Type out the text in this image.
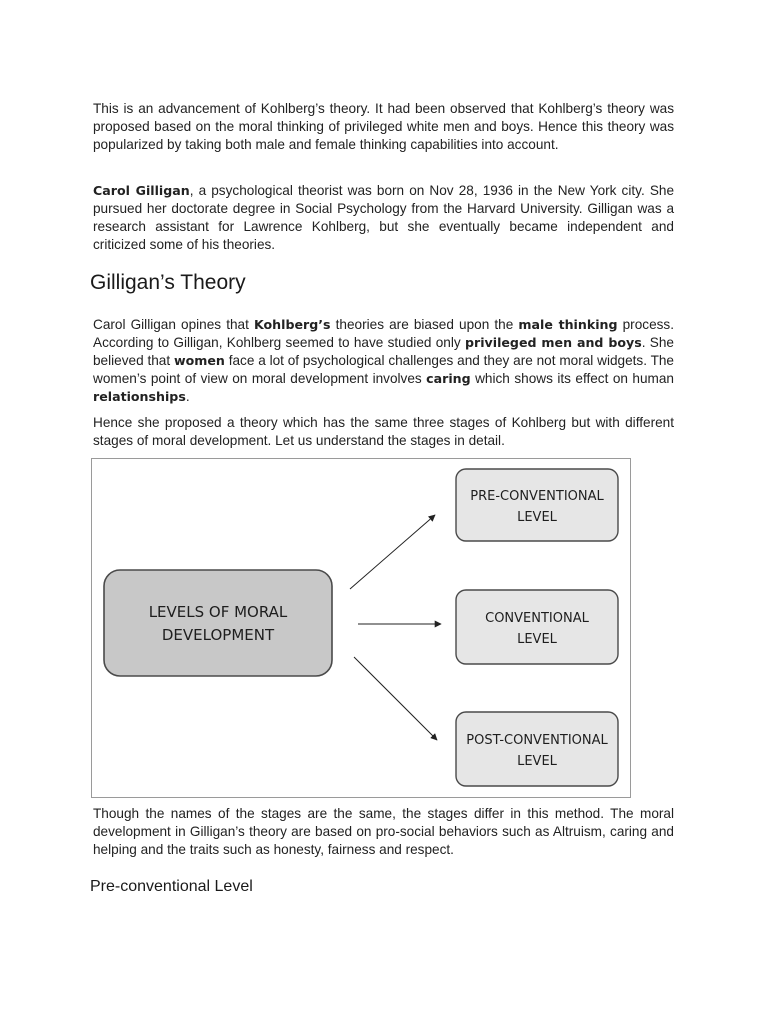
This is an advancement of Kohlberg’s theory. It had been observed that Kohlberg’s theory was proposed based on the moral thinking of privileged white men and boys. Hence this theory was popularized by taking both male and female thinking capabilities into account.

Carol Gilligan, a psychological theorist was born on Nov 28, 1936 in the New York city. She pursued her doctorate degree in Social Psychology from the Harvard University. Gilligan was a research assistant for Lawrence Kohlberg, but she eventually became independent and criticized some of his theories.

Gilligan’s Theory

Carol Gilligan opines that Kohlberg’s theories are biased upon the male thinking process. According to Gilligan, Kohlberg seemed to have studied only privileged men and boys. She believed that women face a lot of psychological challenges and they are not moral widgets. The women’s point of view on moral development involves caring which shows its effect on human relationships.

Hence she proposed a theory which has the same three stages of Kohlberg but with different stages of moral development. Let us understand the stages in detail.

LEVELS OF MORAL
DEVELOPMENT
PRE-CONVENTIONAL
LEVEL
CONVENTIONAL
LEVEL
POST-CONVENTIONAL
LEVEL

Though the names of the stages are the same, the stages differ in this method. The moral development in Gilligan’s theory are based on pro-social behaviors such as Altruism, caring and helping and the traits such as honesty, fairness and respect.

Pre-conventional Level
